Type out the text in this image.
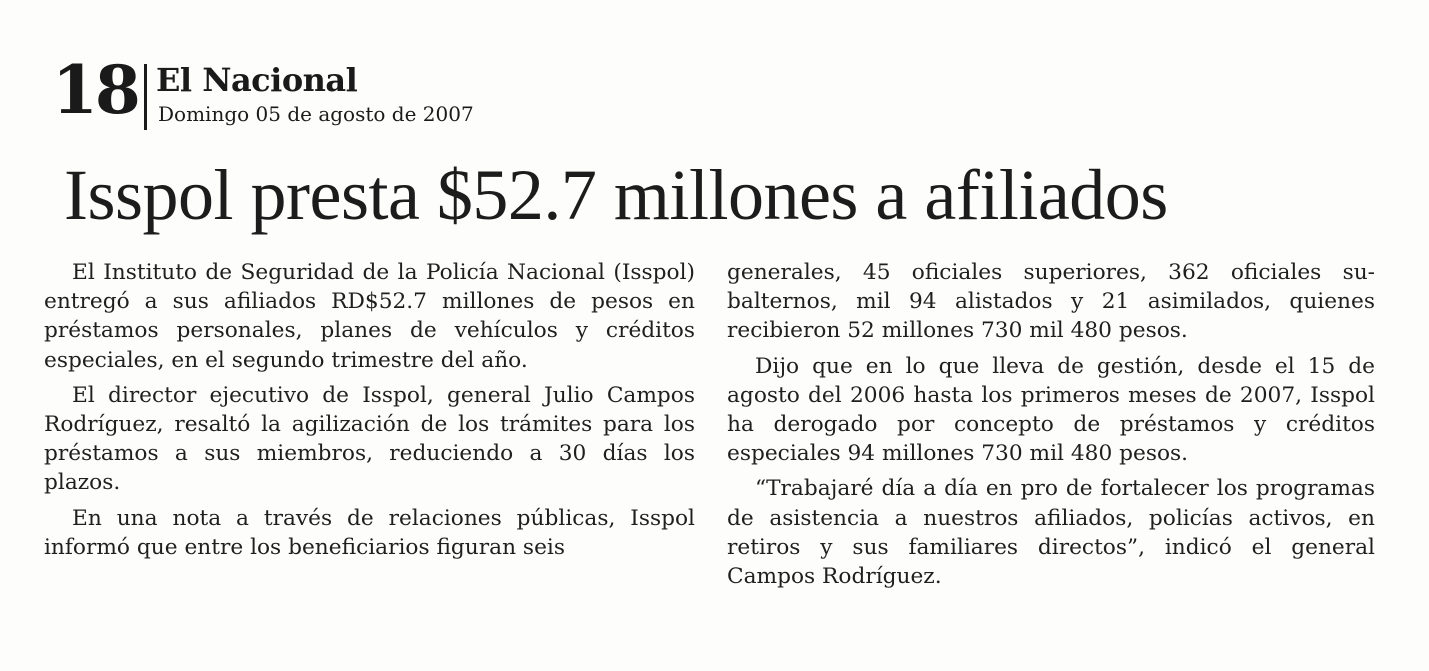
18 El Nacional
Domingo 05 de agosto de 2007
Isspol presta $52.7 millones a afiliados

El Instituto de Seguridad de la Policía Nacional (Isspol) entregó a sus afiliados RD$52.7 millones de pesos en préstamos personales, planes de vehículos y créditos especiales, en el segundo trimestre del año.

El director ejecutivo de Isspol, general Julio Campos Rodríguez, resaltó la agilización de los trámites para los préstamos a sus miembros, reduciendo a 30 días los plazos.

En una nota a través de relaciones públicas, Isspol informó que entre los beneficiarios figuran seis

generales, 45 oficiales superiores, 362 oficiales subalternos, mil 94 alistados y 21 asimilados, quienes recibieron 52 millones 730 mil 480 pesos.

Dijo que en lo que lleva de gestión, desde el 15 de agosto del 2006 hasta los primeros meses de 2007, Isspol ha derogado por concepto de préstamos y créditos especiales 94 millones 730 mil 480 pesos.

“Trabajaré día a día en pro de fortalecer los programas de asistencia a nuestros afiliados, policías activos, en retiros y sus familiares directos”, indicó el general Campos Rodríguez.
